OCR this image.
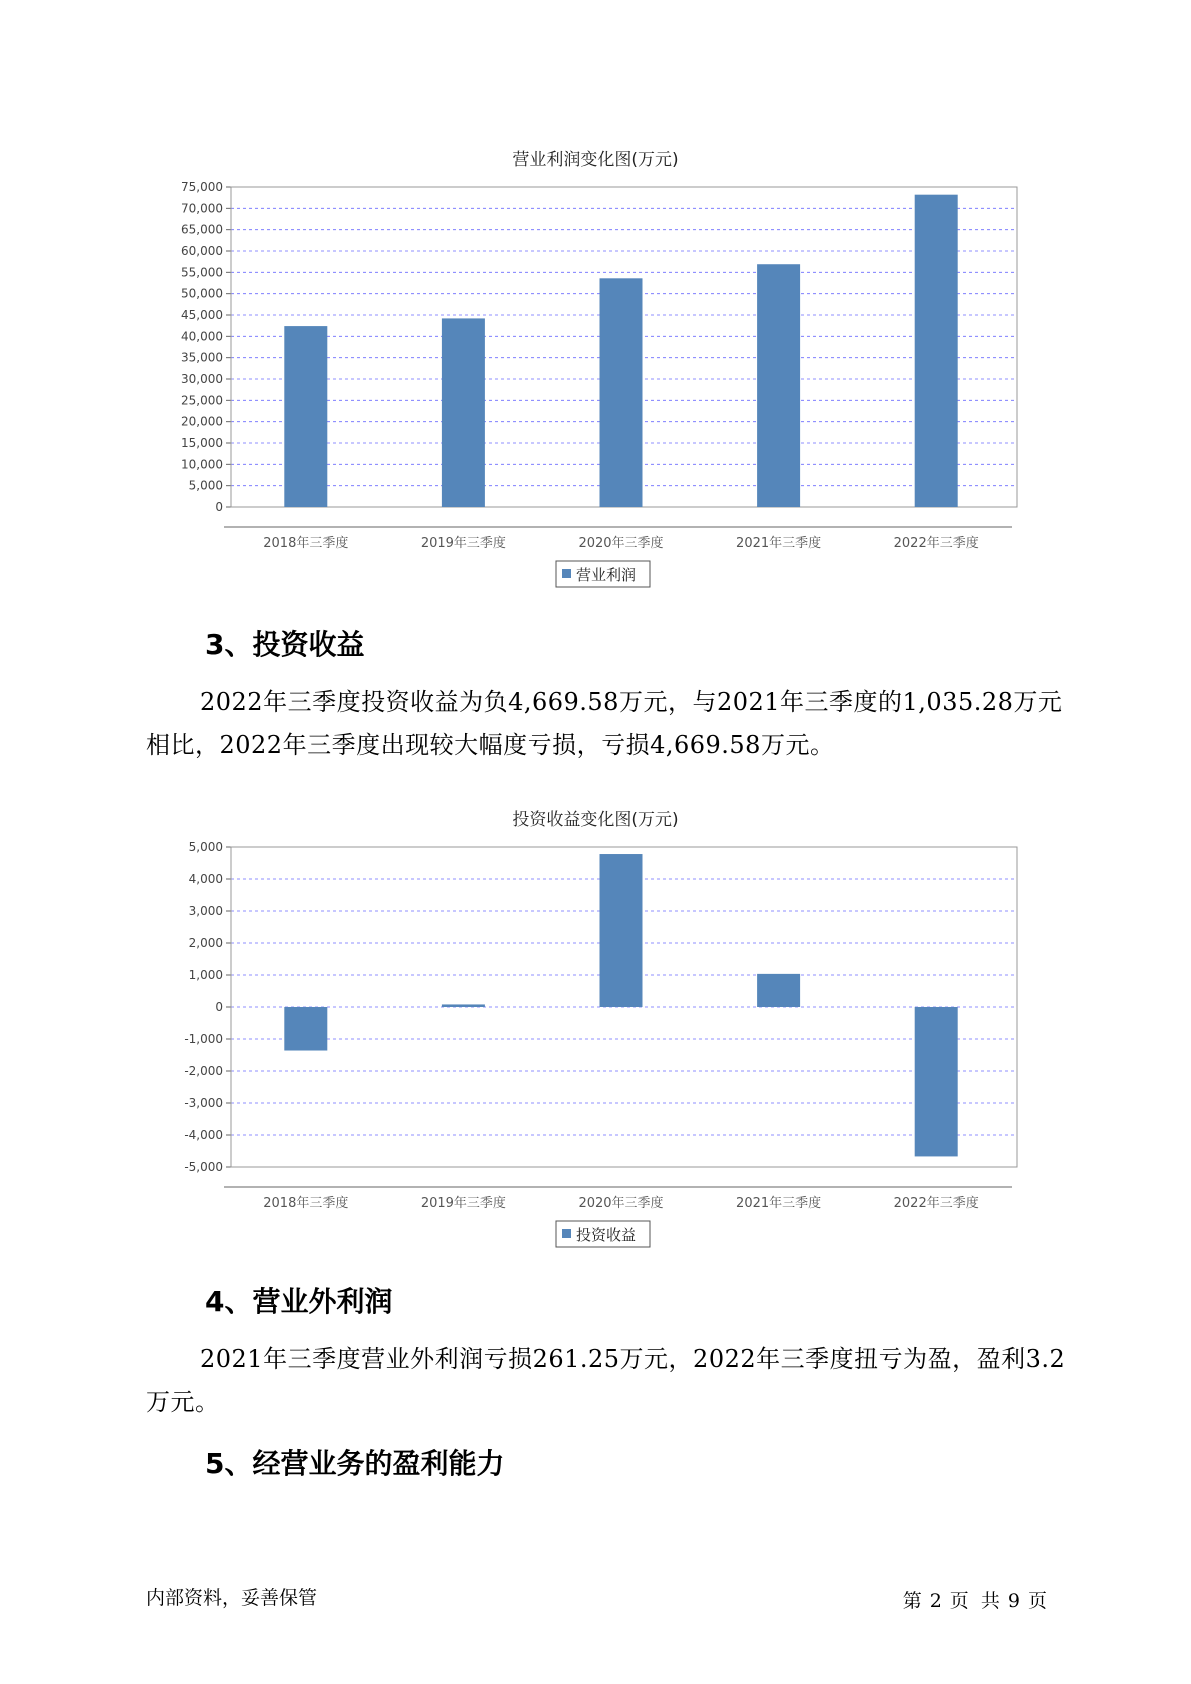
营业利润变化图(万元)
0
5,000
10,000
15,000
20,000
25,000
30,000
35,000
40,000
45,000
50,000
55,000
60,000
65,000
70,000
75,000
2018年三季度	2019年三季度	2020年三季度	2021年三季度	2022年三季度
营业利润
3、投资收益
2022年三季度投资收益为负4,669.58万元，与2021年三季度的1,035.28万元相比，2022年三季度出现较大幅度亏损，亏损4,669.58万元。
投资收益变化图(万元)
-5,000
-4,000
-3,000
-2,000
-1,000
0
1,000
2,000
3,000
4,000
5,000
2018年三季度	2019年三季度	2020年三季度	2021年三季度	2022年三季度
投资收益
4、营业外利润
2021年三季度营业外利润亏损261.25万元，2022年三季度扭亏为盈，盈利3.2万元。
5、经营业务的盈利能力
内部资料，妥善保管	第 2 页  共 9 页
